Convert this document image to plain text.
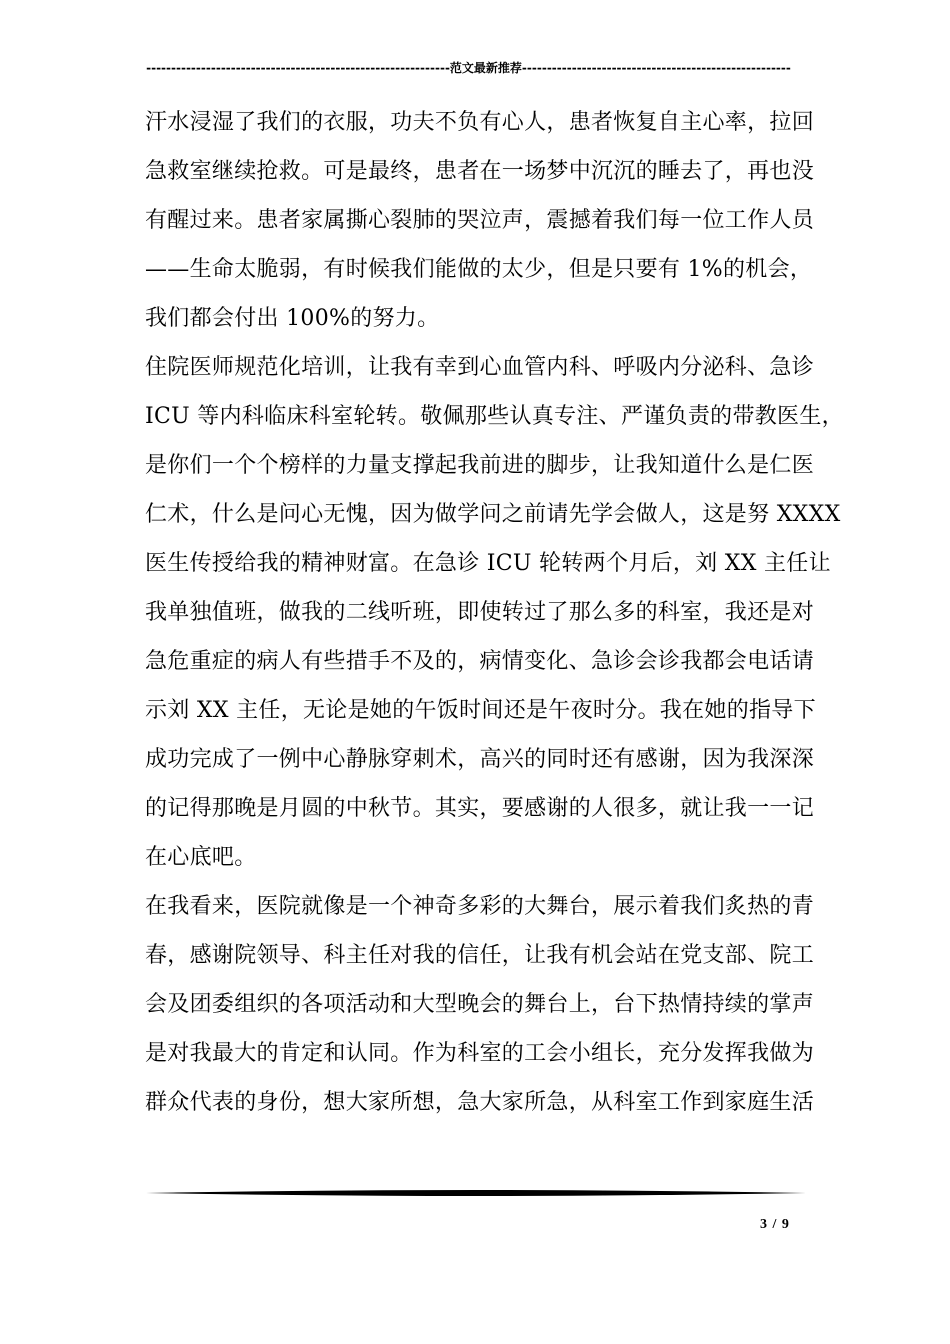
-------------------------------------------------------------范文最新推荐------------------------------------------------------
汗水浸湿了我们的衣服，功夫不负有心人，患者恢复自主心率，拉回
急救室继续抢救。可是最终，患者在一场梦中沉沉的睡去了，再也没
有醒过来。患者家属撕心裂肺的哭泣声，震撼着我们每一位工作人员
——生命太脆弱，有时候我们能做的太少，但是只要有 1%的机会，
我们都会付出 100%的努力。
住院医师规范化培训，让我有幸到心血管内科、呼吸内分泌科、急诊
ICU 等内科临床科室轮转。敬佩那些认真专注、严谨负责的带教医生，
是你们一个个榜样的力量支撑起我前进的脚步，让我知道什么是仁医
仁术，什么是问心无愧，因为做学问之前请先学会做人，这是努 XXXX
医生传授给我的精神财富。在急诊 ICU 轮转两个月后，刘 XX 主任让
我单独值班，做我的二线听班，即使转过了那么多的科室，我还是对
急危重症的病人有些措手不及的，病情变化、急诊会诊我都会电话请
示刘 XX 主任，无论是她的午饭时间还是午夜时分。我在她的指导下
成功完成了一例中心静脉穿刺术，高兴的同时还有感谢，因为我深深
的记得那晚是月圆的中秋节。其实，要感谢的人很多，就让我一一记
在心底吧。
在我看来，医院就像是一个神奇多彩的大舞台，展示着我们炙热的青
春，感谢院领导、科主任对我的信任，让我有机会站在党支部、院工
会及团委组织的各项活动和大型晚会的舞台上，台下热情持续的掌声
是对我最大的肯定和认同。作为科室的工会小组长，充分发挥我做为
群众代表的身份，想大家所想，急大家所急，从科室工作到家庭生活
3 / 9
